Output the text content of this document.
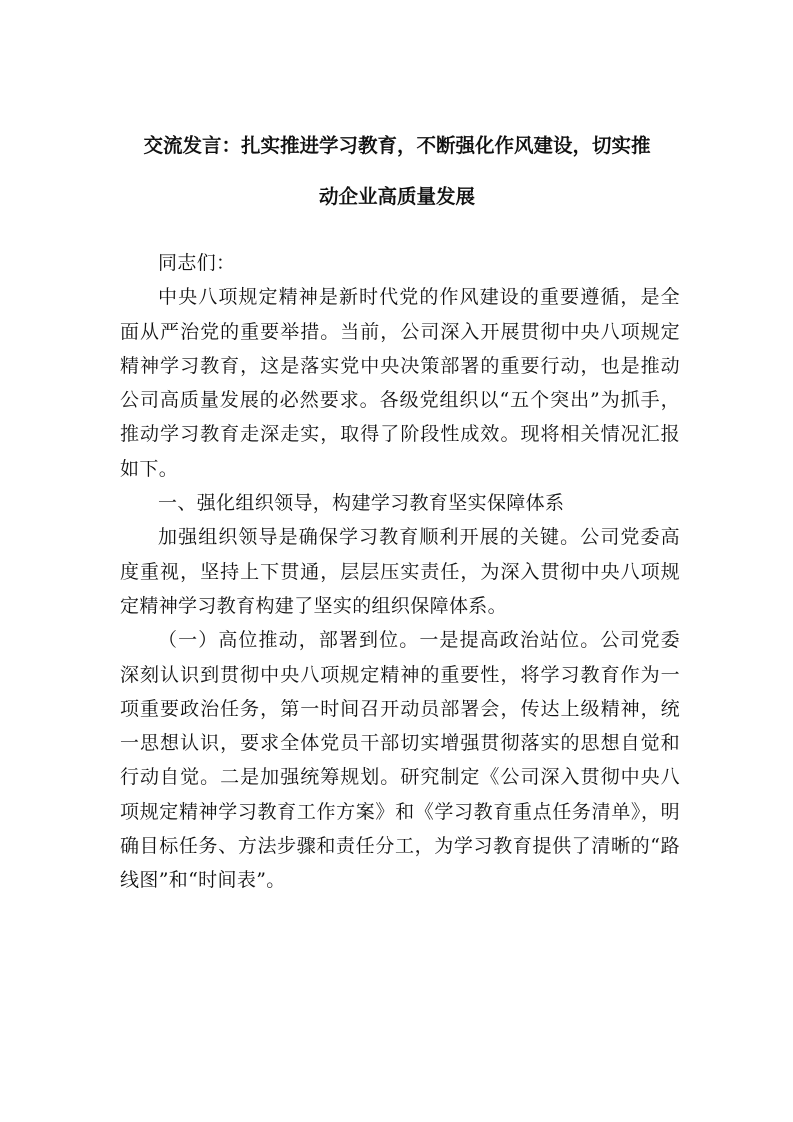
交流发言：扎实推进学习教育，不断强化作风建设，切实推
动企业高质量发展

同志们：

中央八项规定精神是新时代党的作风建设的重要遵循，是全面从严治党的重要举措。当前，公司深入开展贯彻中央八项规定精神学习教育，这是落实党中央决策部署的重要行动，也是推动公司高质量发展的必然要求。各级党组织以“五个突出”为抓手，推动学习教育走深走实，取得了阶段性成效。现将相关情况汇报如下。

一、强化组织领导，构建学习教育坚实保障体系

加强组织领导是确保学习教育顺利开展的关键。公司党委高度重视，坚持上下贯通，层层压实责任，为深入贯彻中央八项规定精神学习教育构建了坚实的组织保障体系。

（一）高位推动，部署到位。一是提高政治站位。公司党委深刻认识到贯彻中央八项规定精神的重要性，将学习教育作为一项重要政治任务，第一时间召开动员部署会，传达上级精神，统一思想认识，要求全体党员干部切实增强贯彻落实的思想自觉和行动自觉。二是加强统筹规划。研究制定《公司深入贯彻中央八项规定精神学习教育工作方案》和《学习教育重点任务清单》，明确目标任务、方法步骤和责任分工，为学习教育提供了清晰的“路线图”和“时间表”。
